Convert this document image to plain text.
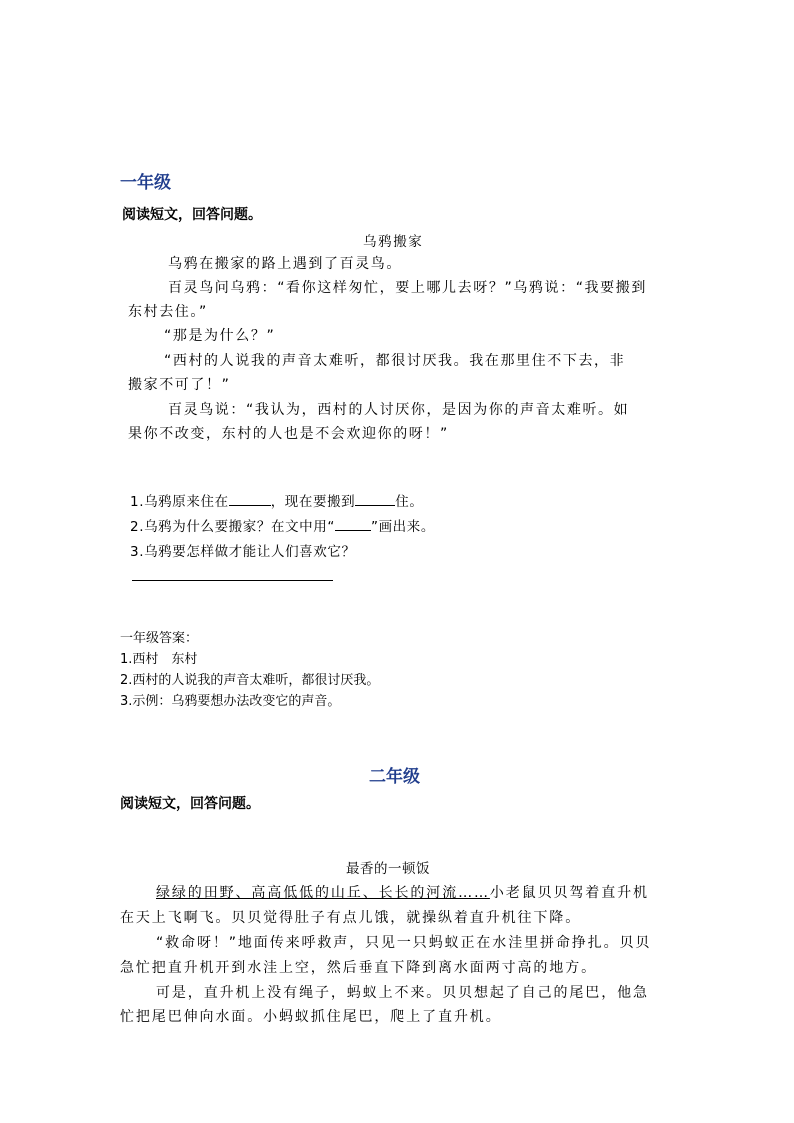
一年级
阅读短文，回答问题。
乌鸦搬家
乌鸦在搬家的路上遇到了百灵鸟。
百灵鸟问乌鸦：“看你这样匆忙，要上哪儿去呀？”乌鸦说：“我要搬到
东村去住。”
“那是为什么？”
“西村的人说我的声音太难听，都很讨厌我。我在那里住不下去，非
搬家不可了！”
百灵鸟说：“我认为，西村的人讨厌你，是因为你的声音太难听。如
果你不改变，东村的人也是不会欢迎你的呀！”
1.乌鸦原来住在	，现在要搬到	住。
2.乌鸦为什么要搬家？在文中用“	”画出来。
3.乌鸦要怎样做才能让人们喜欢它？
一年级答案：
1.西村　东村
2.西村的人说我的声音太难听，都很讨厌我。
3.示例：乌鸦要想办法改变它的声音。
二年级
阅读短文，回答问题。
最香的一顿饭
绿绿的田野、高高低低的山丘、长长的河流……小老鼠贝贝驾着直升机
在天上飞啊飞。贝贝觉得肚子有点儿饿，就操纵着直升机往下降。
“救命呀！”地面传来呼救声，只见一只蚂蚁正在水洼里拼命挣扎。贝贝
急忙把直升机开到水洼上空，然后垂直下降到离水面两寸高的地方。
可是，直升机上没有绳子，蚂蚁上不来。贝贝想起了自己的尾巴，他急
忙把尾巴伸向水面。小蚂蚁抓住尾巴，爬上了直升机。
